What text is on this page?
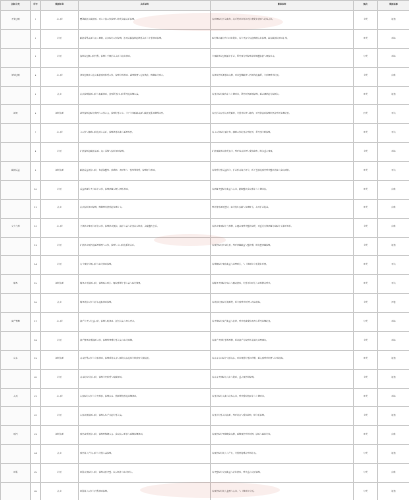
指标分类	序号	数据标签	关系说明	数值说明	频次	数据来源
开发层级	1	主口径	覆盖数据主数据项、对应字段口径说明与维度关联关系说明。	按区域统计汇总数值，按季度对比环比增长率变化情况与结构占比。	季度	报表
	2	扩展	数据采集来源与加工逻辑，补充统计口径说明，涉及关联指标的换算关系与计算规则说明。	统计期内累计值与同比变化，按分类拆分后的明细占比说明，缺失数据按规则补齐。	月度	系统
	3	扩展	指标按层级口径归集，说明上下级汇总关系与校验规则。	分项数值按层级累计汇总，差异项单列说明并附调整依据与审核记录。	年度	系统
规划层级	4	主口径	规划层级对应的主数据项及维度口径，说明分组规则、适用范围与边界条件，明确统计时点。	按规划目标测算达成率，对比基期数值与目标值的偏差，分区域列示结果。	季度	台账
	5	补充	补充说明指标口径与取数规则，涉及跨部门口径差异的处理办法。	按部门统计数值并与上期对比，差异原因逐项说明，超过阈值的单独标注。	月度	报表
运营	6	运行指标	运行指标的统计范围与口径定义，说明计算公式、分子分母取数来源与数据更新周期等内容。	按日汇总后形成月度数值，计算平均值与峰值，对异常波动说明原因并列示处理结果。	日度	平台
	7	主口径	主口径与辅助口径的对应关系，说明换算系数与适用场景。	按主口径统计累计值，辅助口径结果并列展示，差异部分附说明。	月度	平台
	8	扩展	扩展指标的数据来源、加工流程与校验规则说明。	扩展项数值按维度拆分，列示构成比例与变动趋势，附注重点事项。	季度	系统
数据质量	9	运行指标	数据质量评价口径，包括完整性、准确性、及时性与一致性等维度，说明评分规则。	按维度计算质量得分，汇总形成综合评分，低于基准的项目列示整改措施与完成时限。	月度	平台
	10	扩展	质量问题分类与统计口径，说明问题定级与闭环规则。	按问题类型统计数量与占比，跟踪整改完成率并与上期比较。	月度	台账
	11	补充	补充校验规则说明，明确例外情形的处理方式。	例外情形逐项登记，统计发生次数与处理时长，按月汇总报送。	月度	台账
安全合规	12	主口径	合规检查事项与评价口径，说明检查频次、抽样方法与结果认定标准，关联整改责任。	按检查事项统计合规率，未通过项列示整改进度，对重复出现问题单独统计并提示风险。	季度	台账
	13	扩展	扩展检查项目的适用范围与口径，说明与主口径的衔接关系。	按项目统计检查结果，列示问题数量与整改率，附典型问题说明。	季度	报表
	14	扩展	安全事件分级口径与统计规则说明。	按等级统计事件数量与处置时长，与上期对比分析变化原因。	月度	平台
服务	15	运行指标	服务水平指标口径，说明响应时长、解决率等计算方法与统计范围。	按服务类别统计响应与解决情况，计算平均时长与达标率并列示。	月度	平台
	16	补充	服务评价口径与样本选取规则说明。	按评价结果统计满意度，低分项列示原因与改进措施。	季度	问卷
资产管理	17	主口径	资产分类与计量口径，说明入账规则、折旧方法与盘点要求。	按类别统计资产数量与价值，列示增减变动及盘点差异处理结果。	年度	系统
	18	扩展	资产使用效率指标口径，说明利用率计算方法与统计周期。	按资产类别计算利用率，低效资产单独列示并提出处置建议。	季度	系统
成本	19	运行指标	成本归集口径与分摊规则，说明直接成本与间接成本的划分标准及分摊依据。	按成本中心统计实际成本，对比预算计算执行率，超支项列示原因与控制措施。	月度	报表
	20	扩展	成本结构分析口径，说明分类维度与取数规则。	按成本类别统计占比与变动，重点项目附说明。	季度	报表
人员	21	主口径	人员统计口径与分类标准，说明在岗、借调等情形的处理规则。	按部门统计人数与结构占比，列示变动情况并与上期对比。	月度	系统
	22	扩展	人员效能指标口径，说明人均产出的计算方法。	按部门计算人均指标，列示排名与变化趋势，附分析说明。	季度	报表
项目	23	运行指标	项目进度评价口径，说明里程碑定义、完成认定标准与延期处理规则。	按项目统计里程碑完成率，延期项目列示原因、影响与追赶计划。	月度	台账
	24	补充	项目投入产出口径与计算方法说明。	按项目统计投入与产出，计算回报率并列示排名。	年度	报表
创新	25	扩展	创新成果统计口径，说明成果类型、认定标准与统计时点。	按类型统计成果数量与转化情况，列示重点成果说明。	年度	台账
	26	补充	创新投入口径与归集规则说明。	按项目统计投入金额与占比，与上期对比分析。	年度	报表
